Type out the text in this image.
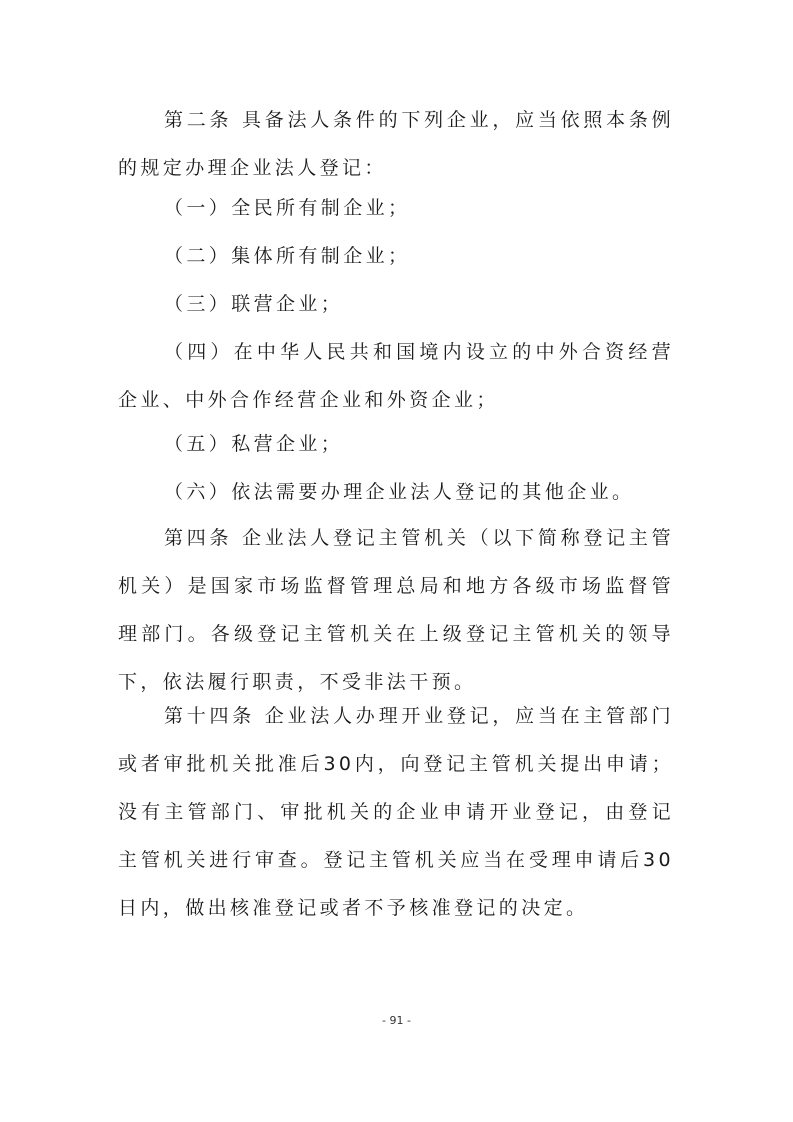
第二条 具备法人条件的下列企业，应当依照本条例的规定办理企业法人登记：

（一）全民所有制企业；

（二）集体所有制企业；

（三）联营企业；

（四）在中华人民共和国境内设立的中外合资经营企业、中外合作经营企业和外资企业；

（五）私营企业；

（六）依法需要办理企业法人登记的其他企业。

第四条 企业法人登记主管机关（以下简称登记主管机关）是国家市场监督管理总局和地方各级市场监督管理部门。各级登记主管机关在上级登记主管机关的领导下，依法履行职责，不受非法干预。

第十四条 企业法人办理开业登记，应当在主管部门或者审批机关批准后30内，向登记主管机关提出申请；没有主管部门、审批机关的企业申请开业登记，由登记主管机关进行审查。登记主管机关应当在受理申请后30日内，做出核准登记或者不予核准登记的决定。

- 91 -
